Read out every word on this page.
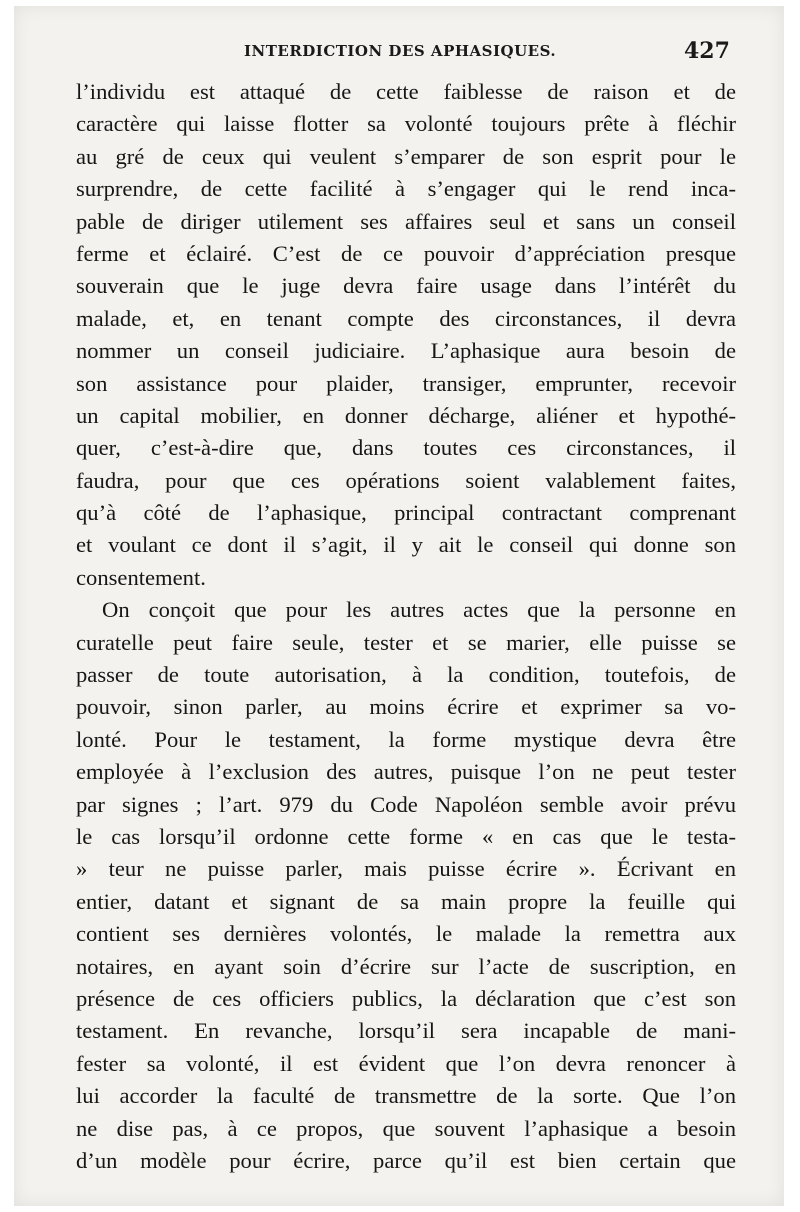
INTERDICTION DES APHASIQUES.	427
l’individu est attaqué de cette faiblesse de raison et de
caractère qui laisse flotter sa volonté toujours prête à fléchir
au gré de ceux qui veulent s’emparer de son esprit pour le
surprendre, de cette facilité à s’engager qui le rend inca-
pable de diriger utilement ses affaires seul et sans un conseil
ferme et éclairé. C’est de ce pouvoir d’appréciation presque
souverain que le juge devra faire usage dans l’intérêt du
malade, et, en tenant compte des circonstances, il devra
nommer un conseil judiciaire. L’aphasique aura besoin de
son assistance pour plaider, transiger, emprunter, recevoir
un capital mobilier, en donner décharge, aliéner et hypothé-
quer, c’est-à-dire que, dans toutes ces circonstances, il
faudra, pour que ces opérations soient valablement faites,
qu’à côté de l’aphasique, principal contractant comprenant
et voulant ce dont il s’agit, il y ait le conseil qui donne son
consentement.
On conçoit que pour les autres actes que la personne en
curatelle peut faire seule, tester et se marier, elle puisse se
passer de toute autorisation, à la condition, toutefois, de
pouvoir, sinon parler, au moins écrire et exprimer sa vo-
lonté. Pour le testament, la forme mystique devra être
employée à l’exclusion des autres, puisque l’on ne peut tester
par signes ; l’art. 979 du Code Napoléon semble avoir prévu
le cas lorsqu’il ordonne cette forme « en cas que le testa-
» teur ne puisse parler, mais puisse écrire ». Écrivant en
entier, datant et signant de sa main propre la feuille qui
contient ses dernières volontés, le malade la remettra aux
notaires, en ayant soin d’écrire sur l’acte de suscription, en
présence de ces officiers publics, la déclaration que c’est son
testament. En revanche, lorsqu’il sera incapable de mani-
fester sa volonté, il est évident que l’on devra renoncer à
lui accorder la faculté de transmettre de la sorte. Que l’on
ne dise pas, à ce propos, que souvent l’aphasique a besoin
d’un modèle pour écrire, parce qu’il est bien certain que
